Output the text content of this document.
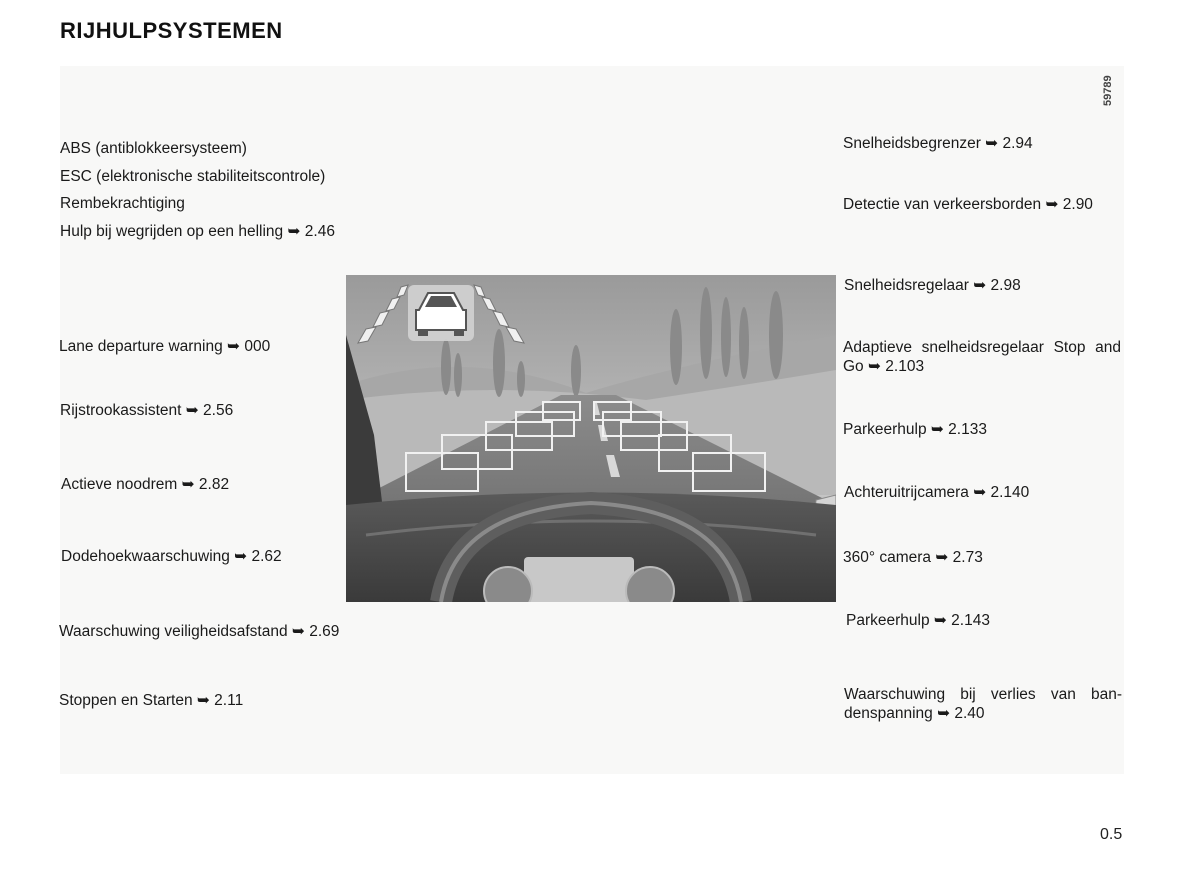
RIJHULPSYSTEMEN
59789
ABS (antiblokkeersysteem)
ESC (elektronische stabiliteitscontrole)
Rembekrachtiging
Hulp bij wegrijden op een helling ➥ 2.46
Lane departure warning ➥ 000
Rijstrookassistent ➥ 2.56
Actieve noodrem ➥ 2.82
Dodehoekwaarschuwing ➥ 2.62
Waarschuwing veiligheidsafstand ➥ 2.69
Stoppen en Starten ➥ 2.11
Snelheidsbegrenzer ➥ 2.94
Detectie van verkeersborden ➥ 2.90
Snelheidsregelaar ➥ 2.98
Adaptieve snelheidsregelaar Stop and Go ➥ 2.103
Parkeerhulp ➥ 2.133
Achteruitrijcamera ➥ 2.140
360° camera ➥ 2.73
Parkeerhulp ➥ 2.143
Waarschuwing bij verlies van ban-denspanning ➥ 2.40
0.5
